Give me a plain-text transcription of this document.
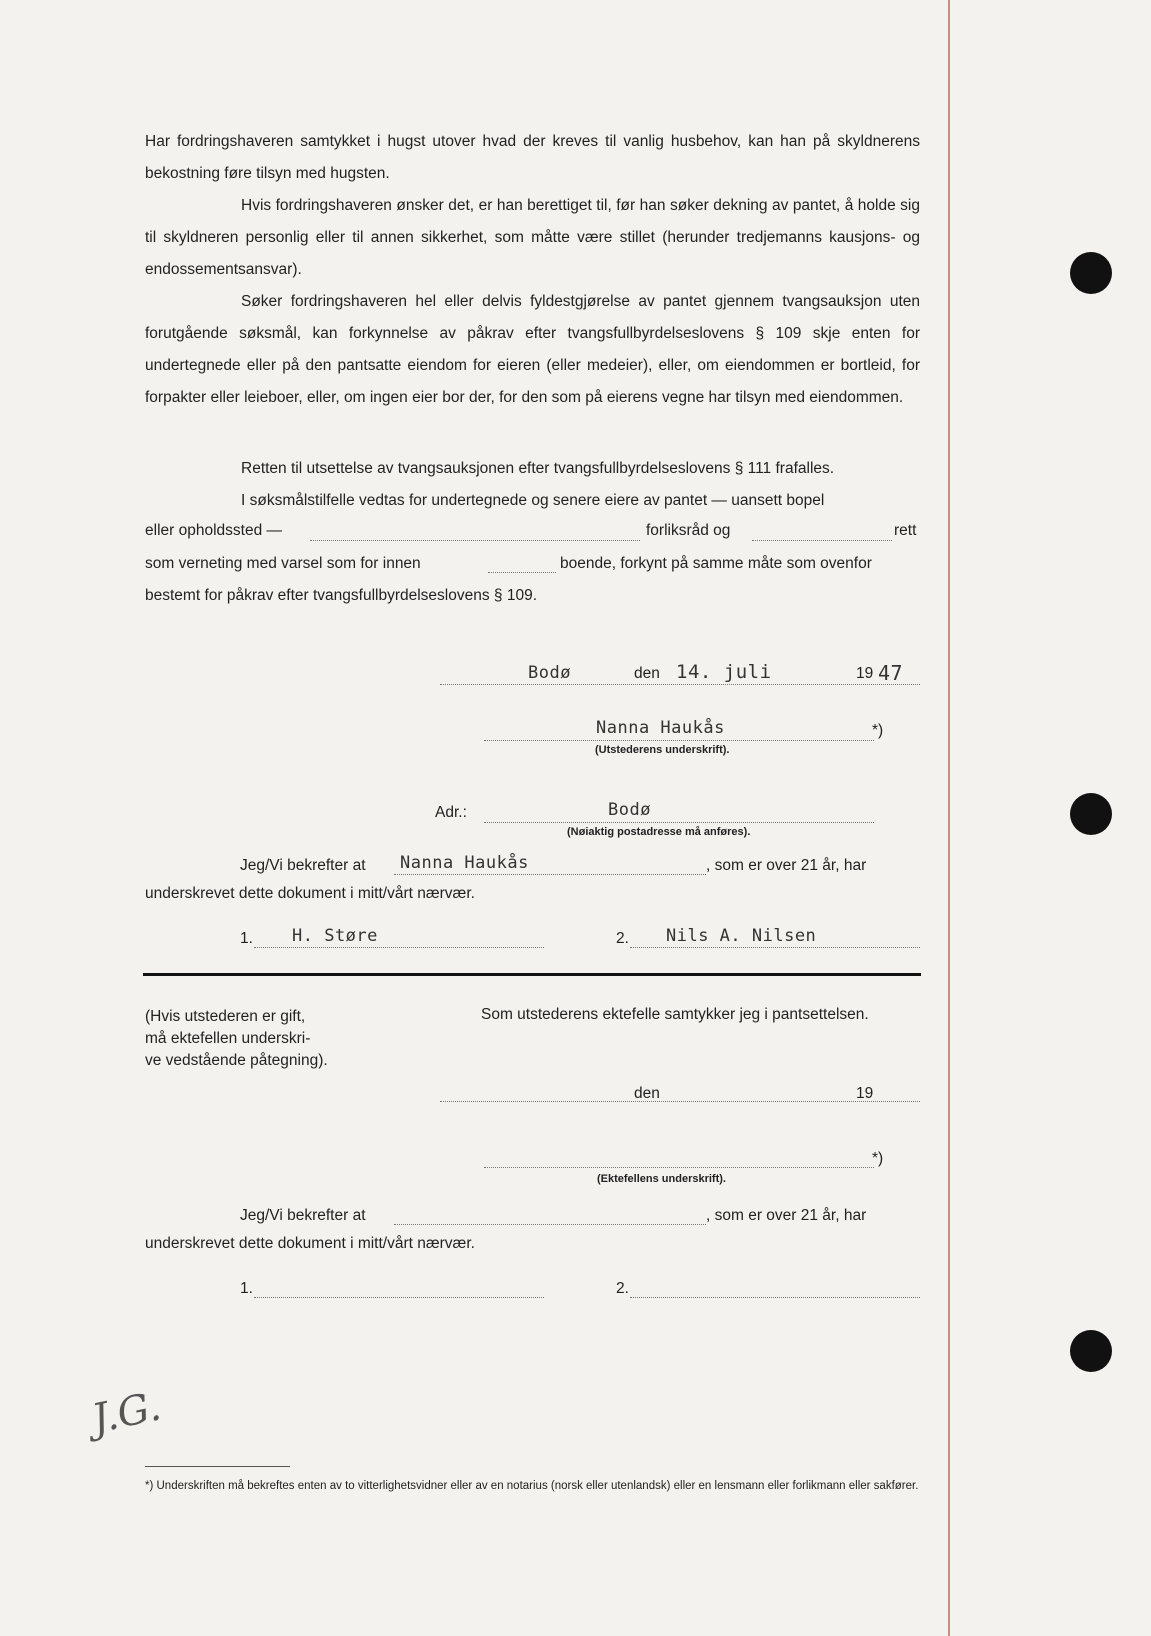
Har fordringshaveren samtykket i hugst utover hvad der kreves til vanlig husbehov, kan han på skyldnerens bekostning føre tilsyn med hugsten.
Hvis fordringshaveren ønsker det, er han berettiget til, før han søker dekning av pantet, å holde sig til skyldneren personlig eller til annen sikkerhet, som måtte være stillet (herunder tredjemanns kausjons- og endossementsansvar).
Søker fordringshaveren hel eller delvis fyldestgjørelse av pantet gjennem tvangsauksjon uten forutgående søksmål, kan forkynnelse av påkrav efter tvangsfullbyrdelseslovens § 109 skje enten for undertegnede eller på den pantsatte eiendom for eieren (eller medeier), eller, om eiendommen er bortleid, for forpakter eller leieboer, eller, om ingen eier bor der, for den som på eierens vegne har tilsyn med eiendommen.
Retten til utsettelse av tvangsauksjonen efter tvangsfullbyrdelseslovens § 111 frafalles.
I søksmålstilfelle vedtas for undertegnede og senere eiere av pantet — uansett bopel
eller opholdssted —	forliksråd og	rett
som verneting med varsel som for innen	boende, forkynt på samme måte som ovenfor
bestemt for påkrav efter tvangsfullbyrdelseslovens § 109.
Bodø	den 14. juli	19 47
Nanna Haukås	*)
(Utstederens underskrift).
Adr.:	Bodø
(Nøiaktig postadresse må anføres).
Jeg/Vi bekrefter at Nanna Haukås	, som er over 21 år, har
underskrevet dette dokument i mitt/vårt nærvær.
1. H. Støre	2. Nils A. Nilsen
(Hvis utstederen er gift,
må ektefellen underskri-
ve vedstående påtegning).
Som utstederens ektefelle samtykker jeg i pantsettelsen.
den	19
*)
(Ektefellens underskrift).
Jeg/Vi bekrefter at	, som er over 21 år, har
underskrevet dette dokument i mitt/vårt nærvær.
1.	2.
J.G.
*) Underskriften må bekreftes enten av to vitterlighetsvidner eller av en notarius (norsk eller utenlandsk) eller en lensmann eller forlikmann eller sakfører.
